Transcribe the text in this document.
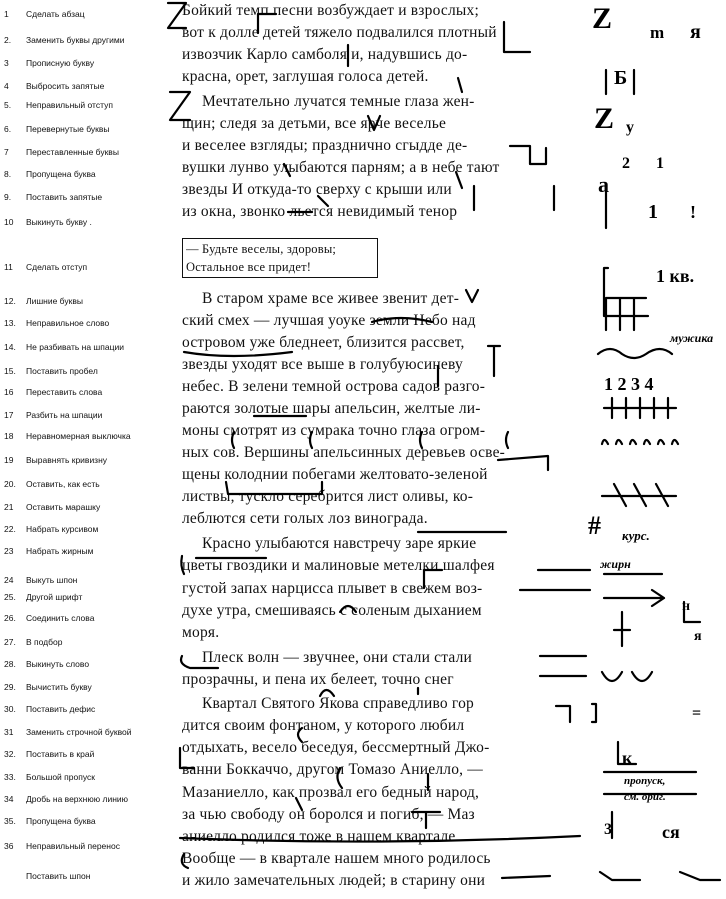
1 Сделать абзац
2. Заменить буквы другими
3 Прописную букву
4 Выбросить запятые
5. Неправильный отступ
6. Перевернутые буквы
7 Переставленные буквы
8. Пропущена буква
9. Поставить запятые
10 Выкинуть букву .
11 Сделать отступ
12. Лишние буквы
13. Неправильное слово
14. Не разбивать на шпации
15. Поставить пробел
16 Переставить слова
17 Разбить на шпации
18 Неравномерная выключка
19 Выравнять кривизну
20. Оставить, как есть
21 Оставить марашку
22. Набрать курсивом
23 Набрать жирным
24 Выкуть шпон
25. Другой шрифт
26. Соединить слова
27. В подбор
28. Выкинуть слово
29. Вычистить букву
30. Поставить дефис
31 Заменить строчной буквой
32. Поставить в край
33. Большой пропуск
34 Дробь на верхнюю линию
35. Пропущена буква
36 Неправильный перенос
Поставить шпон
Бойкий темп песни возбуждает и взрослых;
вот к долле детей тяжело подвалился плотный
извозчик Карло самболя и, надувшись до-
красна, орет, заглушая голоса детей.
Мечтательно лучатся темные глаза жен-
щин; следя за детьми, все ярче веселье
и веселее взгляды; празднично сгыдде де-
вушки лунво улыбаются парням; а в небе тают
звезды И откуда-то сверху с крыши или
из окна, звонко льется невидимый тенор
— Будьте веселы, здоровы;
Остальное все придет!
В старом храме все живее звенит дет-
ский смех — лучшая уоуке земли Небо над
островом уже бледнеет, близится рассвет,
звезды уходят все выше в голубуюсиневу
небес. В зелени темной острова садов разго-
раются золотые шары апельсин, желтые ли-
моны смотрят из сумрака точно глаза огром-
ных сов. Вершины апельсинных деревьев осве-
щены колоднии побегами желтовато-зеленой
листвы, тускло серебрится лист оливы, ко-
леблются сети голых лоз винограда.
Красно улыбаются навстречу заре яркие
цветы гвоздики и малиновые метелки шалфея
густой запах нарцисса плывет в свежем воз-
духе утра, смешиваясь с соленым дыханием
моря.
Плеск волн — звучнее, они стали стали
прозрачны, и пена их белеет, точно снег
Квартал Святого Якова справедливо гор
дится своим фонтаном, у которого любил
отдыхать, весело беседуя, бессмертный Джо-
ванни Боккаччо, другом Томазо Аниелло, —
Мазаниелло, как прозвал его бедный народ,
за чью свободу он боролся и погиб, — Маз
аниелло родился тоже в нашем квартале
Вообще — в квартале нашем много родилось
и жило замечательных людей; в старину они
Z m я
Б
Z у
2 1
а
1 !
1 кв.
мужика
1 2 3 4
# курс.
жирн
н
я
=
к
пропуск,
см. ориг.
3	ся
